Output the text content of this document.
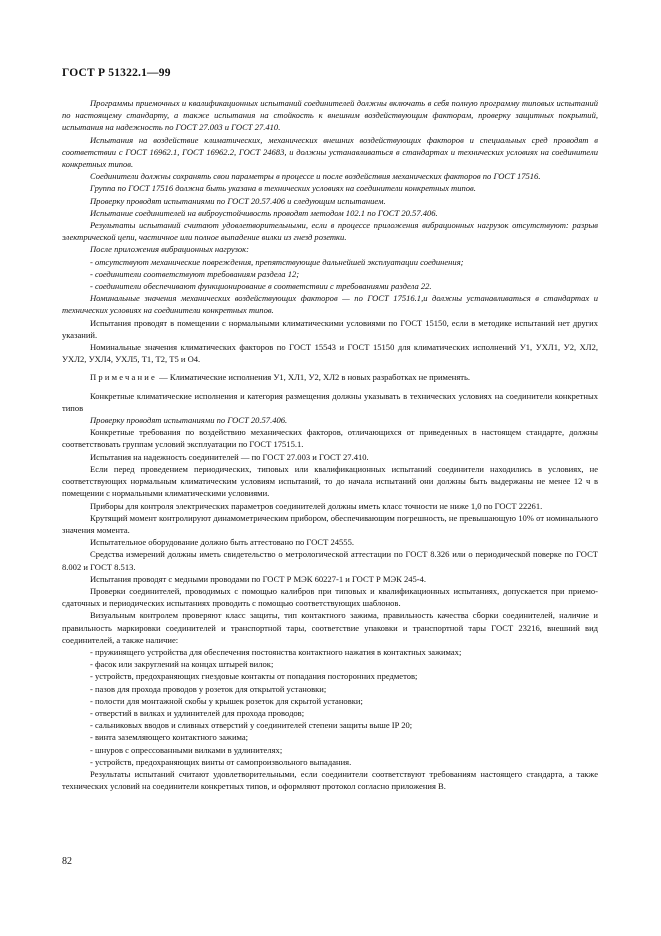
ГОСТ Р 51322.1—99

Программы приемочных и квалификационных испытаний соединителей должны включать в себя полную программу типовых испытаний по настоящему стандарту, а также испытания на стойкость к внешним воздействующим факторам, проверку защитных покрытий, испытания на надежность по ГОСТ 27.003 и ГОСТ 27.410.

Испытания на воздействие климатических, механических внешних воздействующих факторов и специальных сред проводят в соответствии с ГОСТ 16962.1, ГОСТ 16962.2, ГОСТ 24683, и должны устанавливаться в стандартах и технических условиях на соединители конкретных типов.

Соединители должны сохранять свои параметры в процессе и после воздействия механических факторов по ГОСТ 17516.

Группа по ГОСТ 17516 должна быть указана в технических условиях на соединители конкретных типов.

Проверку проводят испытаниями по ГОСТ 20.57.406 и следующим испытанием.

Испытание соединителей на виброустойчивость проводят методом 102.1 по ГОСТ 20.57.406.

Результаты испытаний считают удовлетворительными, если в процессе приложения вибрационных нагрузок отсутствуют: разрыв электрической цепи, частичное или полное выпадение вилки из гнезд розетки.

После приложения вибрационных нагрузок:

- отсутствуют механические повреждения, препятствующие дальнейшей эксплуатации соединения;

- соединители соответствуют требованиям раздела 12;

- соединители обеспечивают функционирование в соответствии с требованиями раздела 22.

Номинальные значения механических воздействующих факторов — по ГОСТ 17516.1,и должны устанавливаться в стандартах и технических условиях на соединители конкретных типов.

Испытания проводят в помещении с нормальными климатическими условиями по ГОСТ 15150, если в методике испытаний нет других указаний.

Номинальные значения климатических факторов по ГОСТ 15543 и ГОСТ 15150 для климатических исполнений У1, УХЛ1, У2, ХЛ2, УХЛ2, УХЛ4, УХЛ5, Т1, Т2, Т5 и О4.

Примечание — Климатические исполнения У1, ХЛ1, У2, ХЛ2 в новых разработках не применять.

Конкретные климатические исполнения и категория размещения должны указывать в технических условиях на соединители конкретных типов

Проверку проводят испытаниями по ГОСТ 20.57.406.

Конкретные требования по воздействию механических факторов, отличающихся от приведенных в настоящем стандарте, должны соответствовать группам условий эксплуатации по ГОСТ 17515.1.

Испытания на надежность соединителей — по ГОСТ 27.003 и ГОСТ 27.410.

Если перед проведением периодических, типовых или квалификационных испытаний соединители находились в условиях, не соответствующих нормальным климатическим условиям испытаний, то до начала испытаний они должны быть выдержаны не менее 12 ч в помещении с нормальными климатическими условиями.

Приборы для контроля электрических параметров соединителей должны иметь класс точности не ниже 1,0 по ГОСТ 22261.

Крутящий момент контролируют динамометрическим прибором, обеспечивающим погрешность, не превышающую 10% от номинального значения момента.

Испытательное оборудование должно быть аттестовано по ГОСТ 24555.

Средства измерений должны иметь свидетельство о метрологической аттестации по ГОСТ 8.326 или о периодической поверке по ГОСТ 8.002 и ГОСТ 8.513.

Испытания проводят с медными проводами по ГОСТ Р МЭК 60227-1 и ГОСТ Р МЭК 245-4.

Проверки соединителей, проводимых с помощью калибров при типовых и квалификационных испытаниях, допускается при приемо-сдаточных и периодических испытаниях проводить с помощью соответствующих шаблонов.

Визуальным контролем проверяют класс защиты, тип контактного зажима, правильность качества сборки соединителей, наличие и правильность маркировки соединителей и транспортной тары, соответствие упаковки и транспортной тары ГОСТ 23216, внешний вид соединителей, а также наличие:

- пружинящего устройства для обеспечения постоянства контактного нажатия в контактных зажимах;

- фасок или закруглений на концах штырей вилок;

- устройств, предохраняющих гнездовые контакты от попадания посторонних предметов;

- пазов для прохода проводов у розеток для открытой установки;

- полости для монтажной скобы у крышек розеток для скрытой установки;

- отверстий в вилках и удлинителей для прохода проводов;

- сальниковых вводов и сливных отверстий у соединителей степени защиты выше IP 20;

- винта заземляющего контактного зажима;

- шнуров с опрессованными вилками в удлинителях;

- устройств, предохраняющих винты от самопроизвольного выпадания.

Результаты испытаний считают удовлетворительными, если соединители соответствуют требованиям настоящего стандарта, а также технических условий на соединители конкретных типов, и оформляют протокол согласно приложения В.

82
